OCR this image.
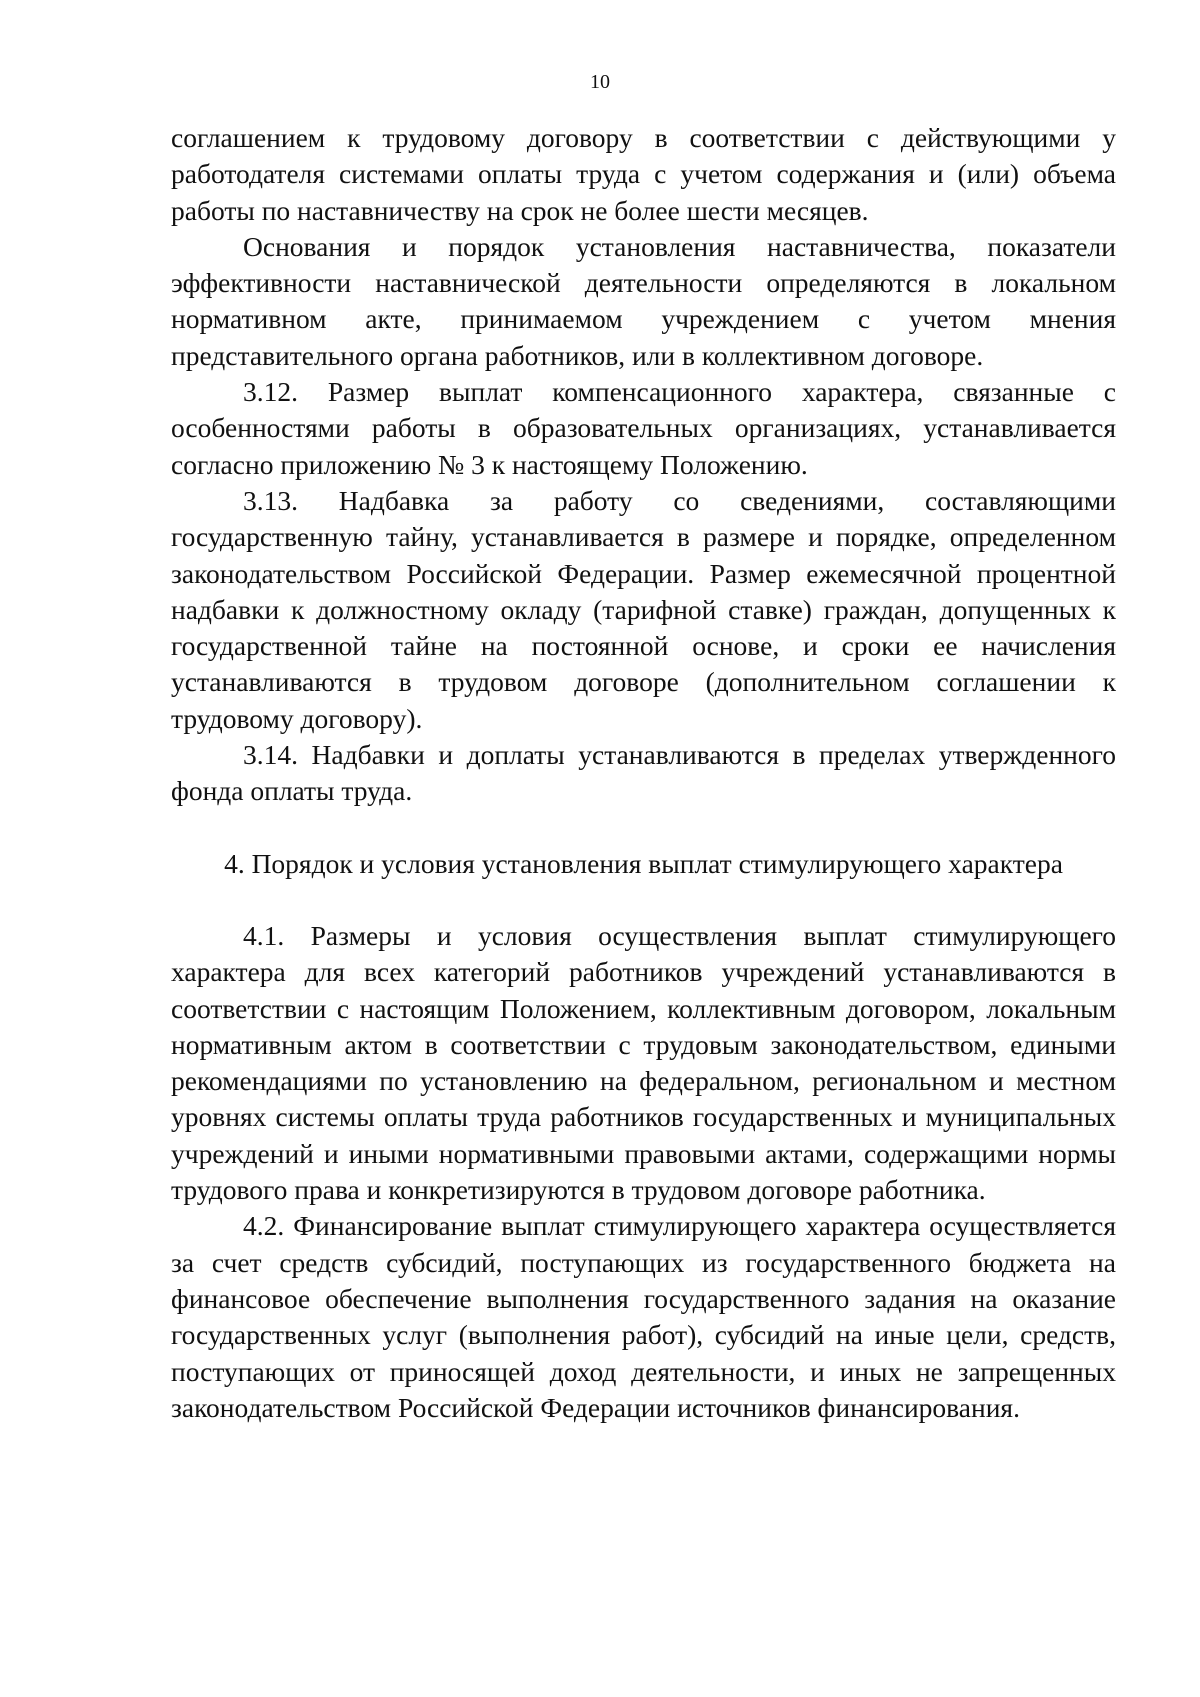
10

соглашением к трудовому договору в соответствии с действующими у работодателя системами оплаты труда с учетом содержания и (или) объема работы по наставничеству на срок не более шести месяцев.

Основания и порядок установления наставничества, показатели эффективности наставнической деятельности определяются в локальном нормативном акте, принимаемом учреждением с учетом мнения представительного органа работников, или в коллективном договоре.

3.12. Размер выплат компенсационного характера, связанные с особенностями работы в образовательных организациях, устанавливается согласно приложению № 3 к настоящему Положению.

3.13. Надбавка за работу со сведениями, составляющими государственную тайну, устанавливается в размере и порядке, определенном законодательством Российской Федерации. Размер ежемесячной процентной надбавки к должностному окладу (тарифной ставке) граждан, допущенных к государственной тайне на постоянной основе, и сроки ее начисления устанавливаются в трудовом договоре (дополнительном соглашении к трудовому договору).

3.14. Надбавки и доплаты устанавливаются в пределах утвержденного фонда оплаты труда.

4. Порядок и условия установления выплат стимулирующего характера

4.1. Размеры и условия осуществления выплат стимулирующего характера для всех категорий работников учреждений устанавливаются в соответствии с настоящим Положением, коллективным договором, локальным нормативным актом в соответствии с трудовым законодательством, едиными рекомендациями по установлению на федеральном, региональном и местном уровнях системы оплаты труда работников государственных и муниципальных учреждений и иными нормативными правовыми актами, содержащими нормы трудового права и конкретизируются в трудовом договоре работника.

4.2. Финансирование выплат стимулирующего характера осуществляется за счет средств субсидий, поступающих из государственного бюджета на финансовое обеспечение выполнения государственного задания на оказание государственных услуг (выполнения работ), субсидий на иные цели, средств, поступающих от приносящей доход деятельности, и иных не запрещенных законодательством Российской Федерации источников финансирования.
